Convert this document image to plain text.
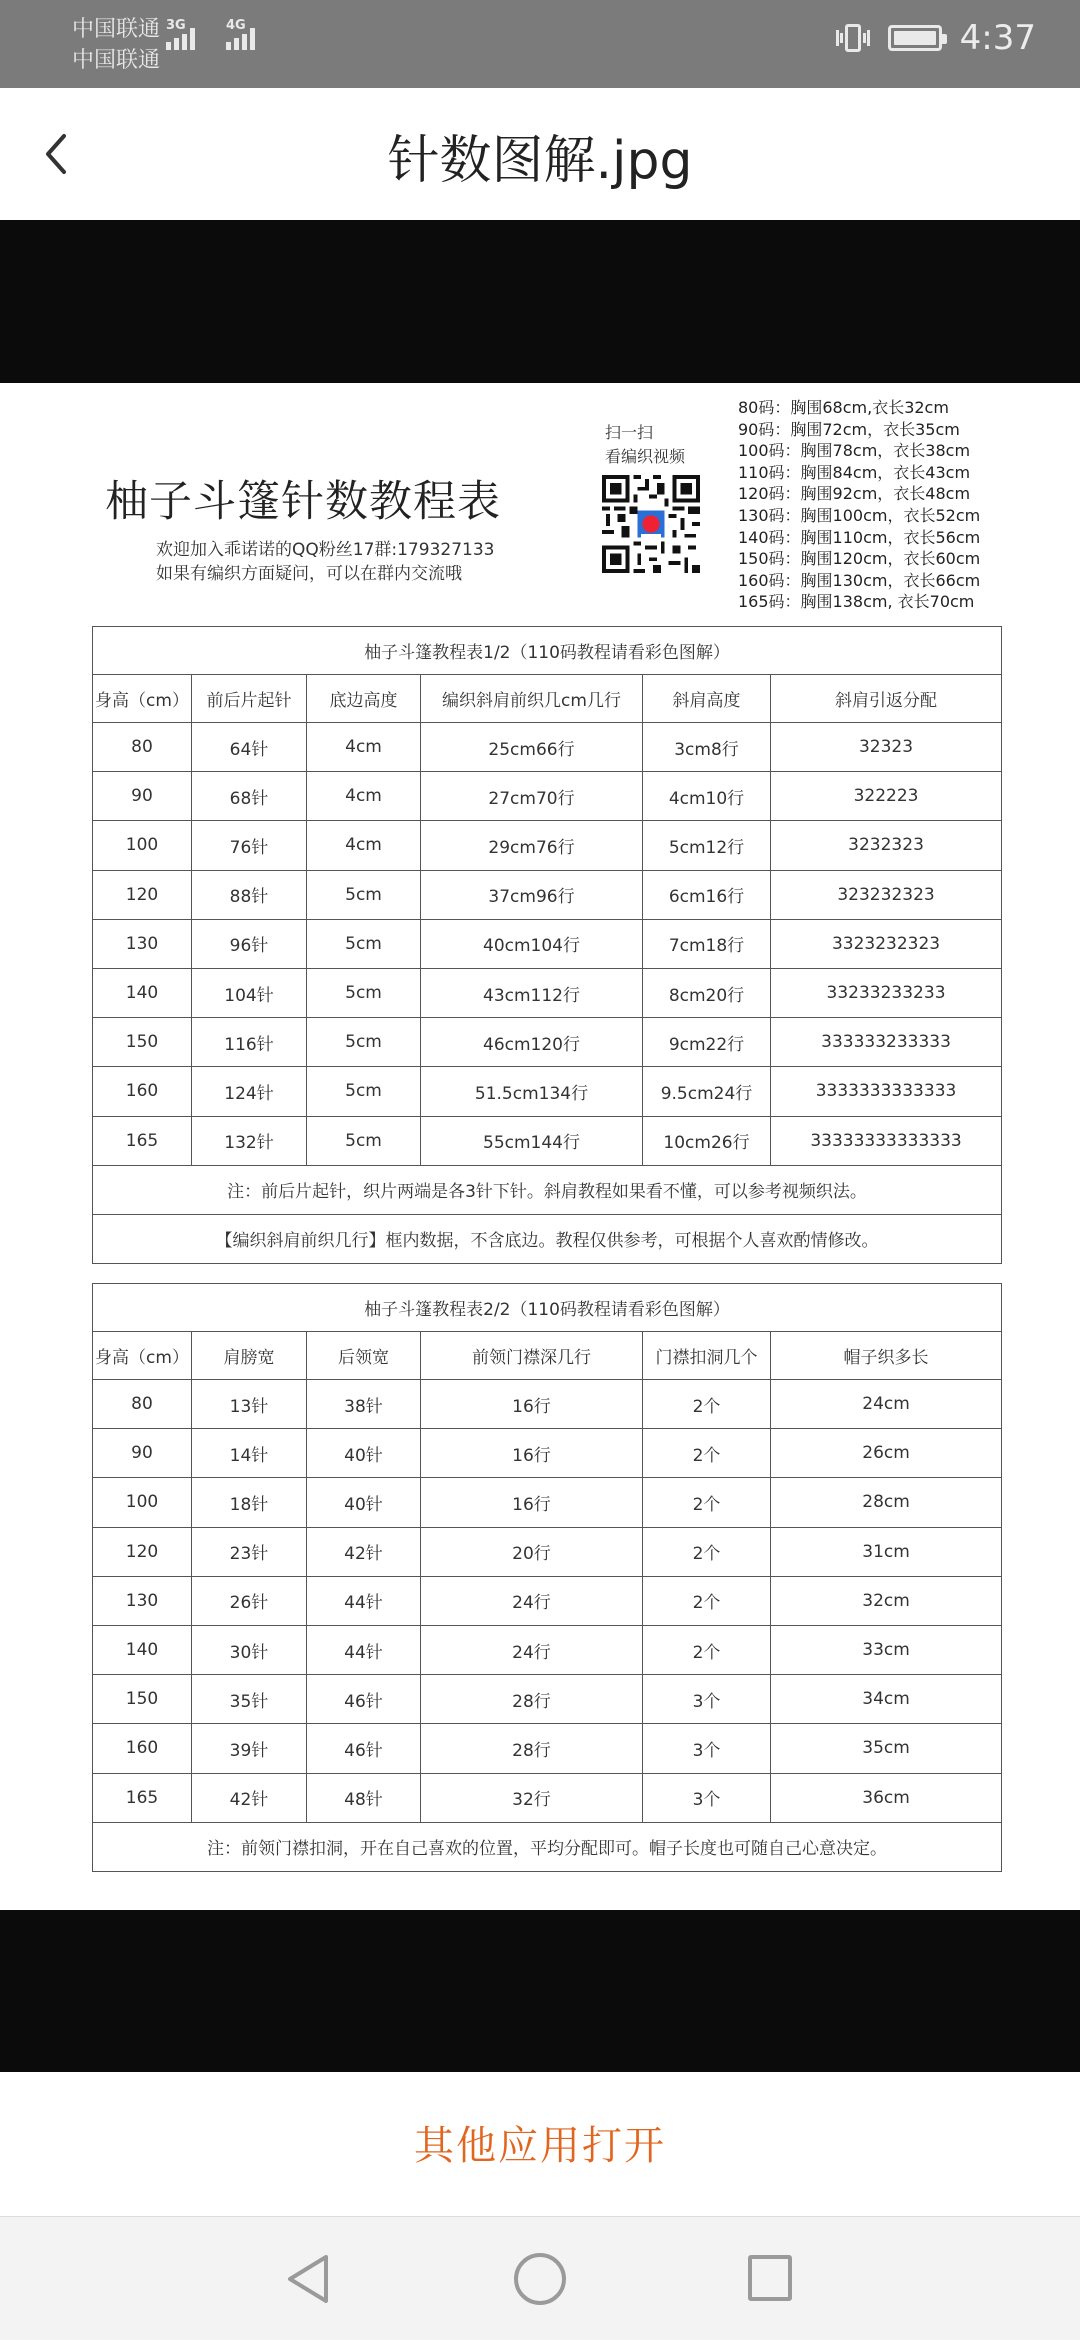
中国联通
中国联通
3G	4G	4:37
针数图解.jpg
柚子斗篷针数教程表
欢迎加入乖诺诺的QQ粉丝17群:179327133
如果有编织方面疑问，可以在群内交流哦
扫一扫
看编织视频
80码：胸围68cm,衣长32cm
90码：胸围72cm，衣长35cm
100码：胸围78cm，衣长38cm
110码：胸围84cm，衣长43cm
120码：胸围92cm，衣长48cm
130码：胸围100cm，衣长52cm
140码：胸围110cm，衣长56cm
150码：胸围120cm，衣长60cm
160码：胸围130cm，衣长66cm
165码：胸围138cm, 衣长70cm
柚子斗篷教程表1/2（110码教程请看彩色图解）					
身高（cm）	前后片起针	底边高度	编织斜肩前织几cm几行	斜肩高度	斜肩引返分配
80	64针	4cm	25cm66行	3cm8行	32323
90	68针	4cm	27cm70行	4cm10行	322223
100	76针	4cm	29cm76行	5cm12行	3232323
120	88针	5cm	37cm96行	6cm16行	323232323
130	96针	5cm	40cm104行	7cm18行	3323232323
140	104针	5cm	43cm112行	8cm20行	33233233233
150	116针	5cm	46cm120行	9cm22行	333333233333
160	124针	5cm	51.5cm134行	9.5cm24行	3333333333333
165	132针	5cm	55cm144行	10cm26行	33333333333333
注：前后片起针，织片两端是各3针下针。斜肩教程如果看不懂，可以参考视频织法。					
【编织斜肩前织几行】框内数据，不含底边。教程仅供参考，可根据个人喜欢酌情修改。					
柚子斗篷教程表2/2（110码教程请看彩色图解）					
身高（cm）	肩膀宽	后领宽	前领门襟深几行	门襟扣洞几个	帽子织多长
80	13针	38针	16行	2个	24cm
90	14针	40针	16行	2个	26cm
100	18针	40针	16行	2个	28cm
120	23针	42针	20行	2个	31cm
130	26针	44针	24行	2个	32cm
140	30针	44针	24行	2个	33cm
150	35针	46针	28行	3个	34cm
160	39针	46针	28行	3个	35cm
165	42针	48针	32行	3个	36cm
注：前领门襟扣洞，开在自己喜欢的位置，平均分配即可。帽子长度也可随自己心意决定。					
其他应用打开
